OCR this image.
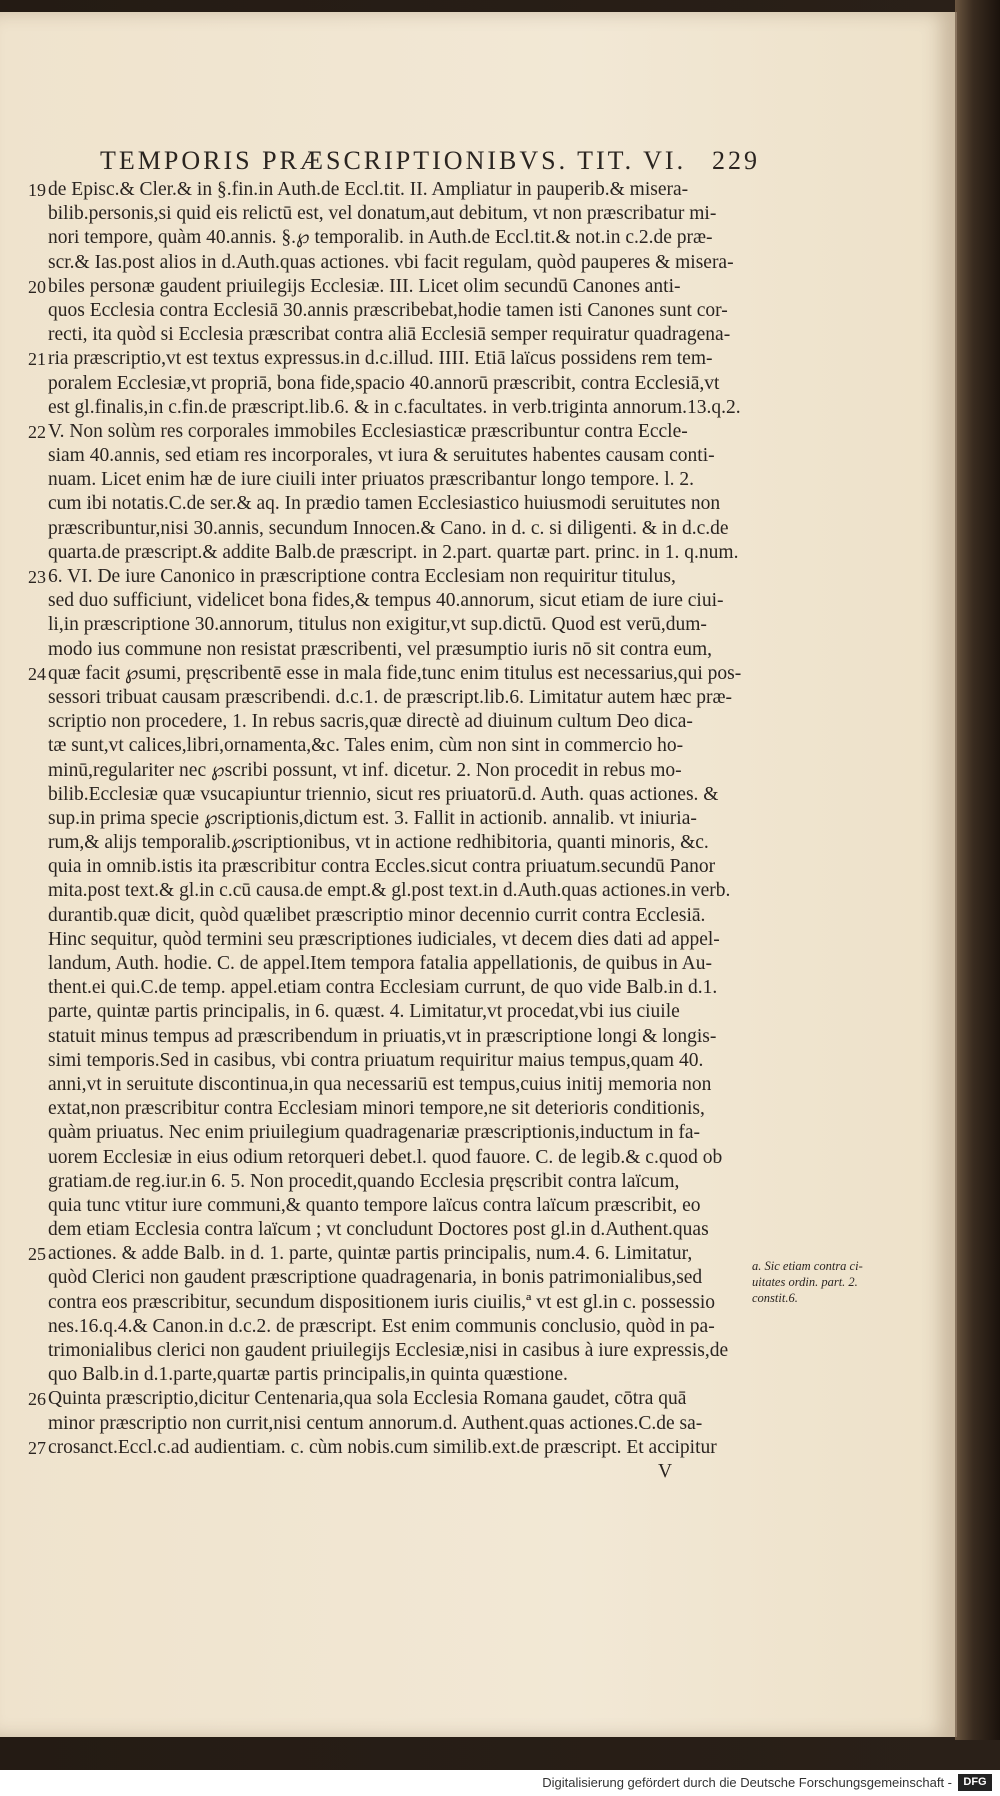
TEMPORIS PRÆSCRIPTIONIBVS. TIT. VI. 229
19 de Episc.& Cler.& in §.fin.in Auth.de Eccl.tit. II. Ampliatur in pauperib.& misera-
bilib.personis,si quid eis relictū est, vel donatum,aut debitum, vt non præscribatur mi-
nori tempore, quàm 40.annis. §.℘ temporalib. in Auth.de Eccl.tit.& not.in c.2.de præ-
scr.& Ias.post alios in d.Auth.quas actiones. vbi facit regulam, quòd pauperes & misera-
20 biles personæ gaudent priuilegijs Ecclesiæ. III. Licet olim secundū Canones anti-
quos Ecclesia contra Ecclesiā 30.annis præscribebat,hodie tamen isti Canones sunt cor-
recti, ita quòd si Ecclesia præscribat contra aliā Ecclesiā semper requiratur quadragena-
21 ria præscriptio,vt est textus expressus.in d.c.illud. IIII. Etiā laïcus possidens rem tem-
poralem Ecclesiæ,vt propriā, bona fide,spacio 40.annorū præscribit, contra Ecclesiā,vt
est gl.finalis,in c.fin.de præscript.lib.6. & in c.facultates. in verb.triginta annorum.13.q.2.
22 V. Non solùm res corporales immobiles Ecclesiasticæ præscribuntur contra Eccle-
siam 40.annis, sed etiam res incorporales, vt iura & seruitutes habentes causam conti-
nuam. Licet enim hæ de iure ciuili inter priuatos præscribantur longo tempore. l. 2.
cum ibi notatis.C.de ser.& aq. In prædio tamen Ecclesiastico huiusmodi seruitutes non
præscribuntur,nisi 30.annis, secundum Innocen.& Cano. in d. c. si diligenti. & in d.c.de
quarta.de præscript.& addite Balb.de præscript. in 2.part. quartæ part. princ. in 1. q.num.
23 6. VI. De iure Canonico in præscriptione contra Ecclesiam non requiritur titulus,
sed duo sufficiunt, videlicet bona fides,& tempus 40.annorum, sicut etiam de iure ciui-
li,in præscriptione 30.annorum, titulus non exigitur,vt sup.dictū. Quod est verū,dum-
modo ius commune non resistat præscribenti, vel præsumptio iuris nō sit contra eum,
24 quæ facit ℘sumi, pręscribentē esse in mala fide,tunc enim titulus est necessarius,qui pos-
sessori tribuat causam præscribendi. d.c.1. de præscript.lib.6. Limitatur autem hæc præ-
scriptio non procedere, 1. In rebus sacris,quæ directè ad diuinum cultum Deo dica-
tæ sunt,vt calices,libri,ornamenta,&c. Tales enim, cùm non sint in commercio ho-
minū,regulariter nec ℘scribi possunt, vt inf. dicetur. 2. Non procedit in rebus mo-
bilib.Ecclesiæ quæ vsucapiuntur triennio, sicut res priuatorū.d. Auth. quas actiones. &
sup.in prima specie ℘scriptionis,dictum est. 3. Fallit in actionib. annalib. vt iniuria-
rum,& alijs temporalib.℘scriptionibus, vt in actione redhibitoria, quanti minoris, &c.
quia in omnib.istis ita præscribitur contra Eccles.sicut contra priuatum.secundū Panor
mita.post text.& gl.in c.cū causa.de empt.& gl.post text.in d.Auth.quas actiones.in verb.
durantib.quæ dicit, quòd quælibet præscriptio minor decennio currit contra Ecclesiā.
Hinc sequitur, quòd termini seu præscriptiones iudiciales, vt decem dies dati ad appel-
landum, Auth. hodie. C. de appel.Item tempora fatalia appellationis, de quibus in Au-
thent.ei qui.C.de temp. appel.etiam contra Ecclesiam currunt, de quo vide Balb.in d.1.
parte, quintæ partis principalis, in 6. quæst. 4. Limitatur,vt procedat,vbi ius ciuile
statuit minus tempus ad præscribendum in priuatis,vt in præscriptione longi & longis-
simi temporis.Sed in casibus, vbi contra priuatum requiritur maius tempus,quam 40.
anni,vt in seruitute discontinua,in qua necessariū est tempus,cuius initij memoria non
extat,non præscribitur contra Ecclesiam minori tempore,ne sit deterioris conditionis,
quàm priuatus. Nec enim priuilegium quadragenariæ præscriptionis,inductum in fa-
uorem Ecclesiæ in eius odium retorqueri debet.l. quod fauore. C. de legib.& c.quod ob
gratiam.de reg.iur.in 6. 5. Non procedit,quando Ecclesia pręscribit contra laïcum,
quia tunc vtitur iure communi,& quanto tempore laïcus contra laïcum præscribit, eo
dem etiam Ecclesia contra laïcum ; vt concludunt Doctores post gl.in d.Authent.quas
25 actiones. & adde Balb. in d. 1. parte, quintæ partis principalis, num.4. 6. Limitatur,
quòd Clerici non gaudent præscriptione quadragenaria, in bonis patrimonialibus,sed
contra eos præscribitur, secundum dispositionem iuris ciuilis,ª vt est gl.in c. possessio
nes.16.q.4.& Canon.in d.c.2. de præscript. Est enim communis conclusio, quòd in pa-
trimonialibus clerici non gaudent priuilegijs Ecclesiæ,nisi in casibus à iure expressis,de
quo Balb.in d.1.parte,quartæ partis principalis,in quinta quæstione.
26 Quinta præscriptio,dicitur Centenaria,qua sola Ecclesia Romana gaudet, cōtra quā
minor præscriptio non currit,nisi centum annorum.d. Authent.quas actiones.C.de sa-
27 crosanct.Eccl.c.ad audientiam. c. cùm nobis.cum similib.ext.de præscript. Et accipitur
V
a. Sic etiam contra ci-uitates ordin. part. 2. constit.6.
Digitalisierung gefördert durch die Deutsche Forschungsgemeinschaft -	DFG
